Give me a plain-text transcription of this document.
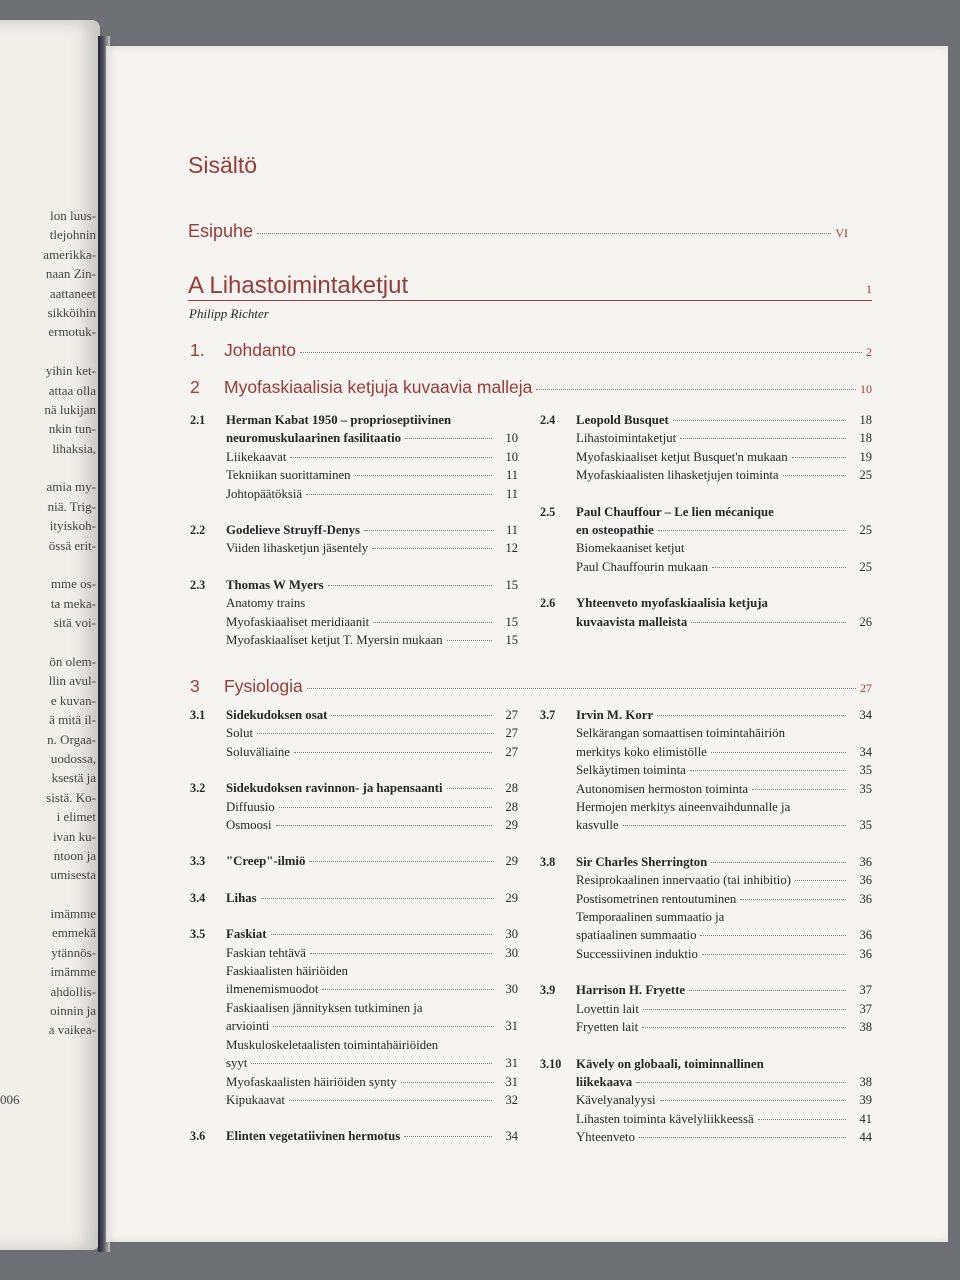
lon luus-
tlejohnin
amerikka-
naan Zin-
aattaneet
sikköihin
ermotuk-
yihin ket-
attaa olla
nä lukijan
nkin tun-
lihaksia,
amia my-
niä. Trig-
ityiskoh-
össä erit-
mme os-
ta meka-
sitä voi-
ön olem-
llin avul-
e kuvan-
ä mitä il-
n. Orgaa-
uodossa,
ksestä ja
sistä. Ko-
i elimet
ivan ku-
ntoon ja
umisesta
imämme
emmekä
ytännös-
imämme
ahdollis-
oinnin ja
a vaikea-
006
Sisältö
Esipuhe	VI
A Lihastoimintaketjut	1
Philipp Richter
1.	Johdanto	2
2	Myofaskiaalisia ketjuja kuvaavia malleja	10
2.1 Herman Kabat 1950 – proprioseptiivinen
neuromuskulaarinen fasilitaatio	10
Liikekaavat	10
Tekniikan suorittaminen	11
Johtopäätöksiä	11
2.2 Godelieve Struyff-Denys	11
Viiden lihasketjun jäsentely	12
2.3 Thomas W Myers	15
Anatomy trains
Myofaskiaaliset meridiaanit	15
Myofaskiaaliset ketjut T. Myersin mukaan	15
2.4 Leopold Busquet	18
Lihastoimintaketjut	18
Myofaskiaaliset ketjut Busquet'n mukaan	19
Myofaskiaalisten lihasketjujen toiminta	25
2.5 Paul Chauffour – Le lien mécanique
en osteopathie	25
Biomekaaniset ketjut
Paul Chauffourin mukaan	25
2.6 Yhteenveto myofaskiaalisia ketjuja
kuvaavista malleista	26
3	Fysiologia	27
3.1 Sidekudoksen osat	27
Solut	27
Soluväliaine	27
3.2 Sidekudoksen ravinnon- ja hapensaanti	28
Diffuusio	28
Osmoosi	29
3.3 "Creep"-ilmiö	29
3.4 Lihas	29
3.5 Faskiat	30
Faskian tehtävä	30
Faskiaalisten häiriöiden
ilmenemismuodot	30
Faskiaalisen jännityksen tutkiminen ja
arviointi	31
Muskuloskeletaalisten toimintahäiriöiden
syyt	31
Myofaskaalisten häiriöiden synty	31
Kipukaavat	32
3.6 Elinten vegetatiivinen hermotus	34
3.7 Irvin M. Korr	34
Selkärangan somaattisen toimintahäiriön
merkitys koko elimistölle	34
Selkäytimen toiminta	35
Autonomisen hermoston toiminta	35
Hermojen merkitys aineenvaihdunnalle ja
kasvulle	35
3.8 Sir Charles Sherrington	36
Resiprokaalinen innervaatio (tai inhibitio)	36
Postisometrinen rentoutuminen	36
Temporaalinen summaatio ja
spatiaalinen summaatio	36
Successiivinen induktio	36
3.9 Harrison H. Fryette	37
Lovettin lait	37
Fryetten lait	38
3.10 Kävely on globaali, toiminnallinen
liikekaava	38
Kävelyanalyysi	39
Lihasten toiminta kävelyliikkeessä	41
Yhteenveto	44
